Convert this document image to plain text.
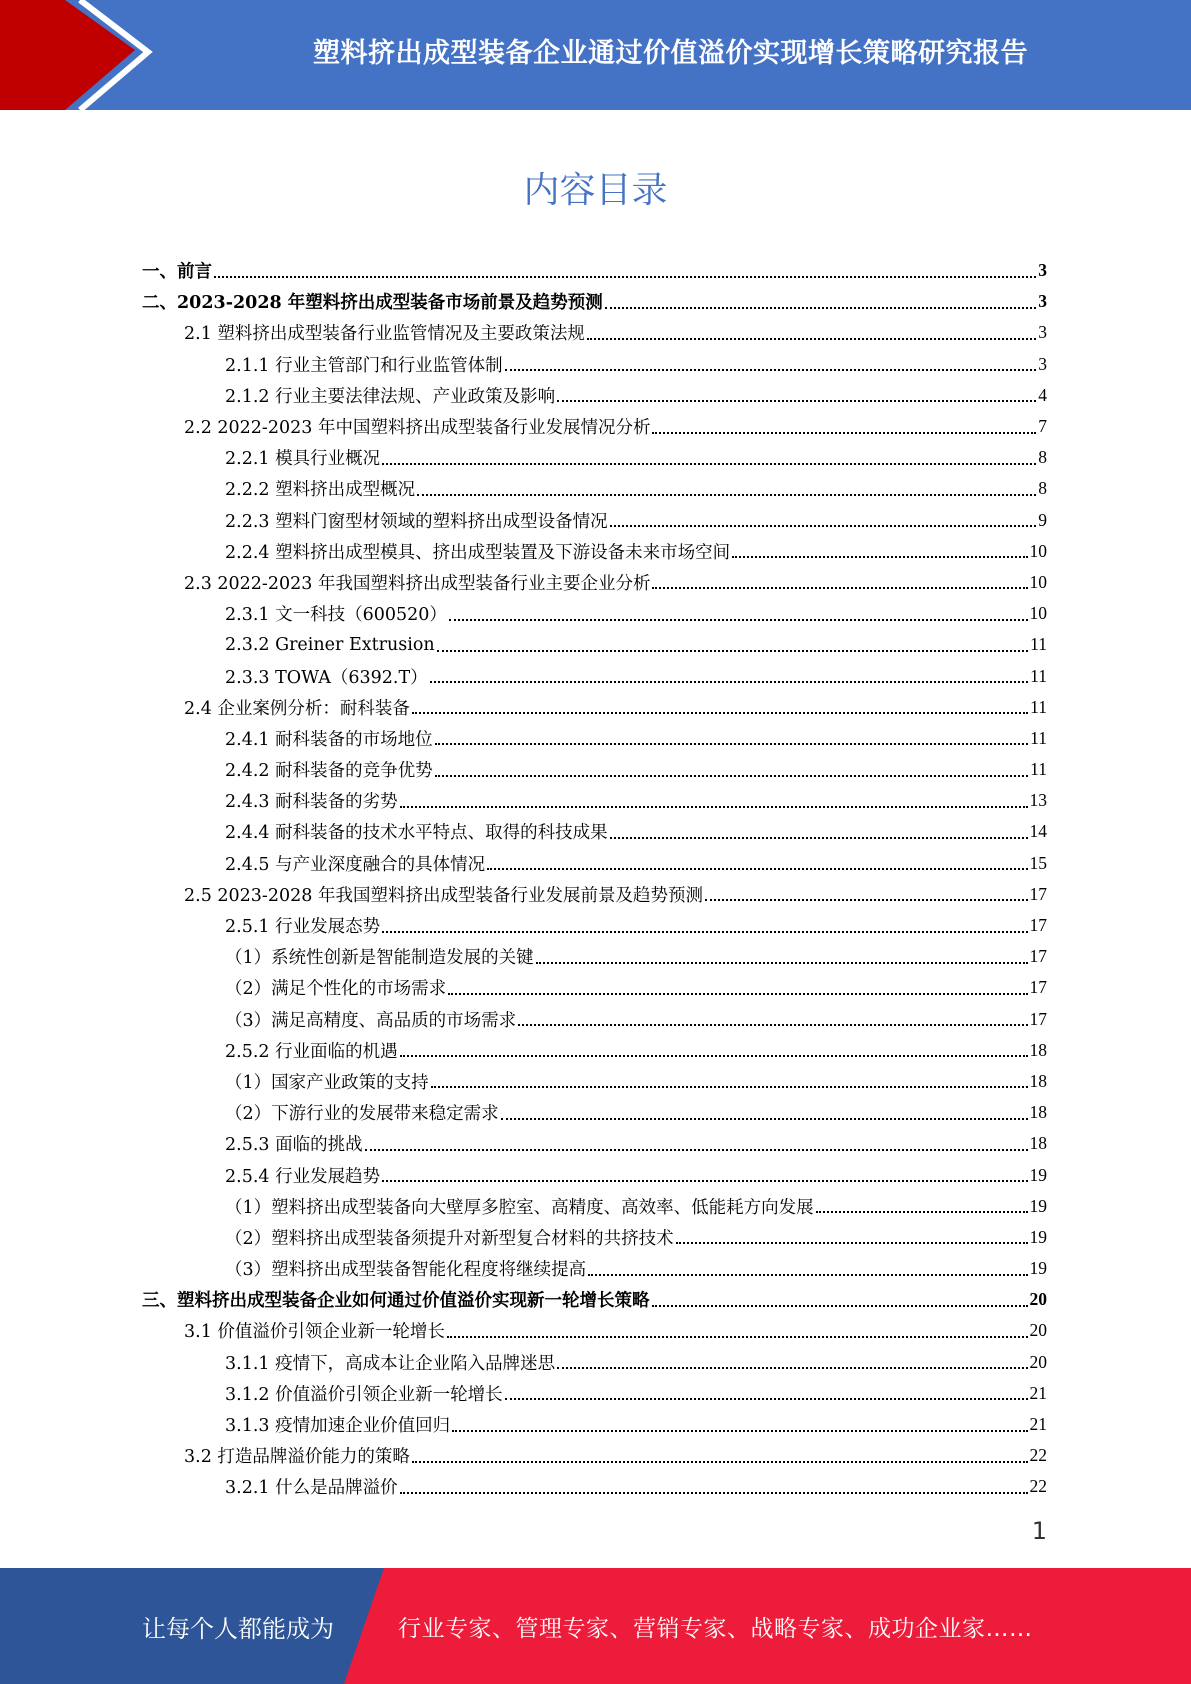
塑料挤出成型装备企业通过价值溢价实现增长策略研究报告
内容目录
一、前言	3
二、2023-2028 年塑料挤出成型装备市场前景及趋势预测	3
2.1 塑料挤出成型装备行业监管情况及主要政策法规	3
2.1.1 行业主管部门和行业监管体制	3
2.1.2 行业主要法律法规、产业政策及影响	4
2.2 2022-2023 年中国塑料挤出成型装备行业发展情况分析	7
2.2.1 模具行业概况	8
2.2.2 塑料挤出成型概况	8
2.2.3 塑料门窗型材领域的塑料挤出成型设备情况	9
2.2.4 塑料挤出成型模具、挤出成型装置及下游设备未来市场空间	10
2.3 2022-2023 年我国塑料挤出成型装备行业主要企业分析	10
2.3.1 文一科技（600520）	10
2.3.2 Greiner Extrusion	11
2.3.3 TOWA（6392.T）	11
2.4 企业案例分析：耐科装备	11
2.4.1 耐科装备的市场地位	11
2.4.2 耐科装备的竞争优势	11
2.4.3 耐科装备的劣势	13
2.4.4 耐科装备的技术水平特点、取得的科技成果	14
2.4.5 与产业深度融合的具体情况	15
2.5 2023-2028 年我国塑料挤出成型装备行业发展前景及趋势预测	17
2.5.1 行业发展态势	17
（1）系统性创新是智能制造发展的关键	17
（2）满足个性化的市场需求	17
（3）满足高精度、高品质的市场需求	17
2.5.2 行业面临的机遇	18
（1）国家产业政策的支持	18
（2）下游行业的发展带来稳定需求	18
2.5.3 面临的挑战	18
2.5.4 行业发展趋势	19
（1）塑料挤出成型装备向大壁厚多腔室、高精度、高效率、低能耗方向发展	19
（2）塑料挤出成型装备须提升对新型复合材料的共挤技术	19
（3）塑料挤出成型装备智能化程度将继续提高	19
三、塑料挤出成型装备企业如何通过价值溢价实现新一轮增长策略	20
3.1 价值溢价引领企业新一轮增长	20
3.1.1 疫情下，高成本让企业陷入品牌迷思	20
3.1.2 价值溢价引领企业新一轮增长	21
3.1.3 疫情加速企业价值回归	21
3.2 打造品牌溢价能力的策略	22
3.2.1 什么是品牌溢价	22
1
让每个人都能成为	行业专家、管理专家、营销专家、战略专家、成功企业家……
